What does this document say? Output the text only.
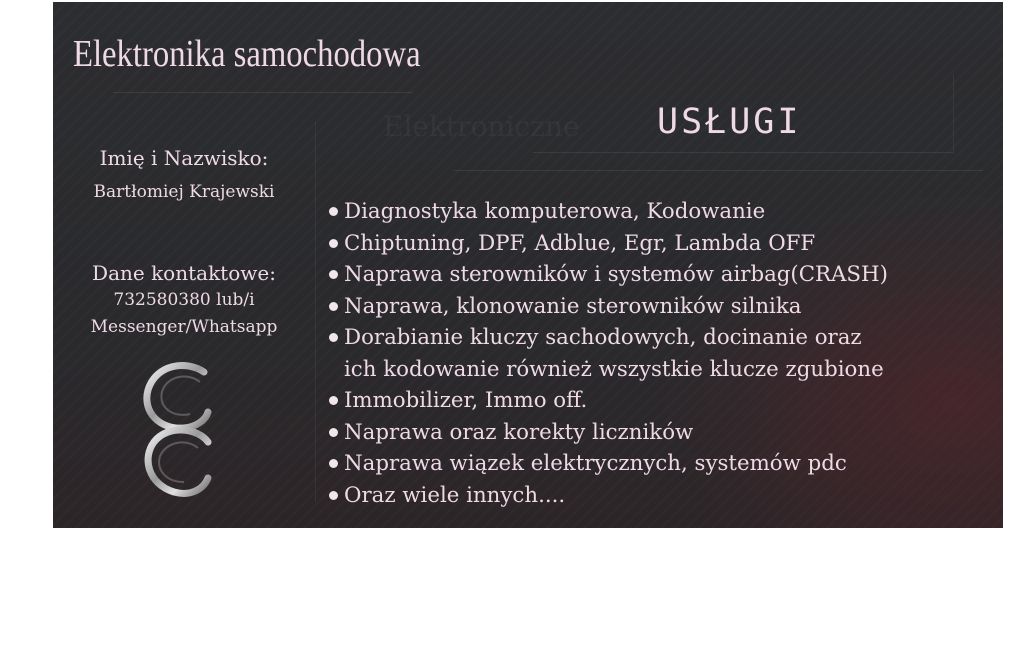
Elektronika samochodowa

USŁUGI

Imię i Nazwisko:

Bartłomiej Krajewski

Dane kontaktowe:

732580380 lub/i

Messenger/Whatsapp

Diagnostyka komputerowa, Kodowanie
Chiptuning, DPF, Adblue, Egr, Lambda OFF
Naprawa sterowników i systemów airbag(CRASH)
Naprawa, klonowanie sterowników silnika
Dorabianie kluczy sachodowych, docinanie oraz
ich kodowanie również wszystkie klucze zgubione
Immobilizer, Immo off.
Naprawa oraz korekty liczników
Naprawa wiązek elektrycznych, systemów pdc
Oraz wiele innych....
